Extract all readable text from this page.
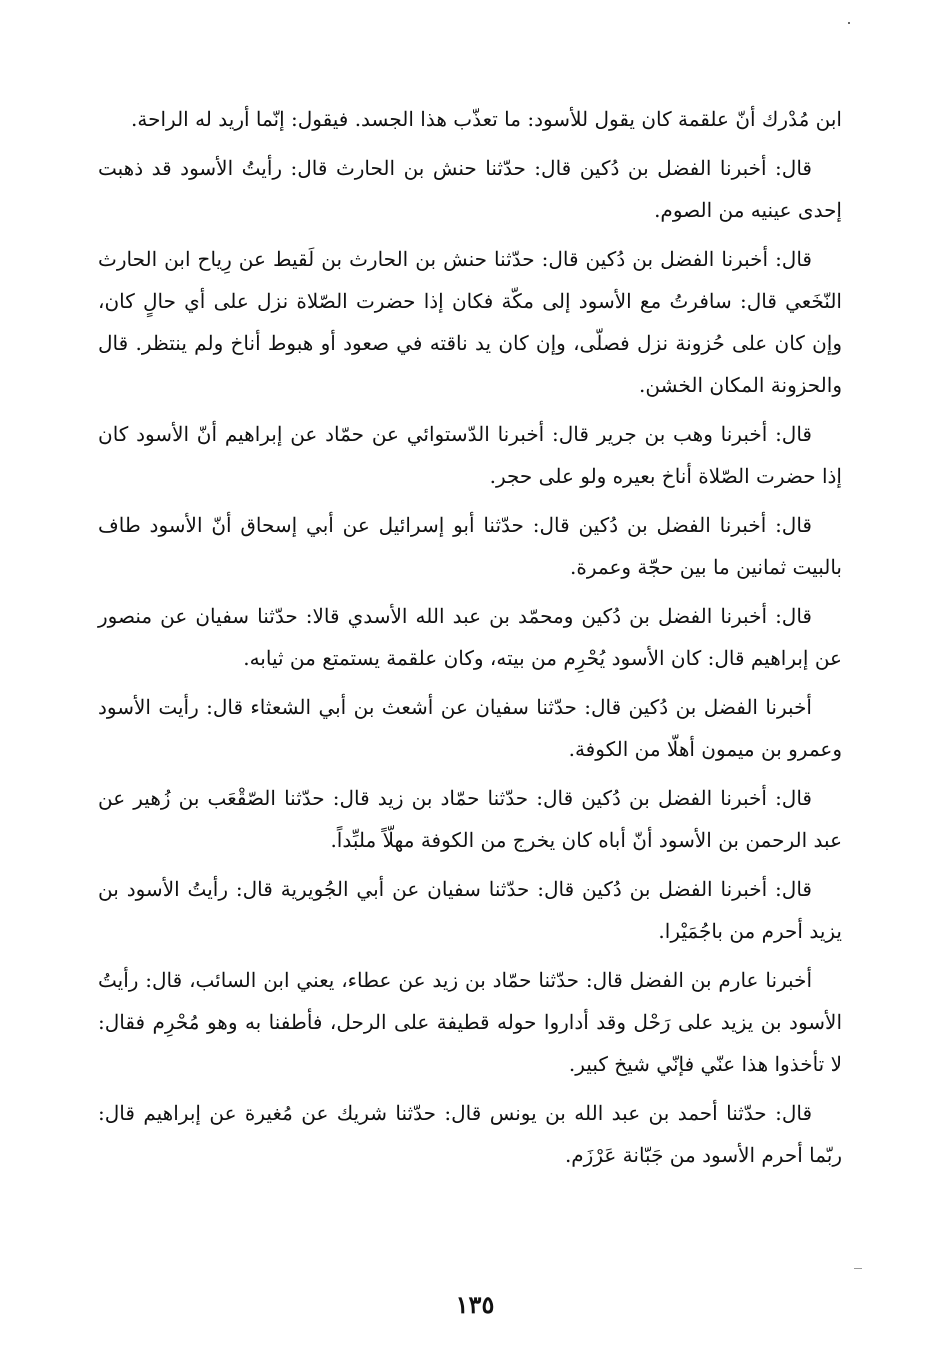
ابن مُدْرك أنّ علقمة كان يقول للأسود: ما تعذّب هذا الجسد. فيقول: إنّما أريد له الراحة.

قال: أخبرنا الفضل بن دُكين قال: حدّثنا حنش بن الحارث قال: رأيتُ الأسود قد ذهبت إحدى عينيه من الصوم.

قال: أخبرنا الفضل بن دُكين قال: حدّثنا حنش بن الحارث بن لَقيط عن رِياح ابن الحارث النّخَعي قال: سافرتُ مع الأسود إلى مكّة فكان إذا حضرت الصّلاة نزل على أي حالٍ كان، وإن كان على حُزونة نزل فصلّى، وإن كان يد ناقته في صعود أو هبوط أناخ ولم ينتظر. قال والحزونة المكان الخشن.

قال: أخبرنا وهب بن جرير قال: أخبرنا الدّستوائي عن حمّاد عن إبراهيم أنّ الأسود كان إذا حضرت الصّلاة أناخ بعيره ولو على حجر.

قال: أخبرنا الفضل بن دُكين قال: حدّثنا أبو إسرائيل عن أبي إسحاق أنّ الأسود طاف بالبيت ثمانين ما بين حجّة وعمرة.

قال: أخبرنا الفضل بن دُكين ومحمّد بن عبد الله الأسدي قالا: حدّثنا سفيان عن منصور عن إبراهيم قال: كان الأسود يُحْرِم من بيته، وكان علقمة يستمتع من ثيابه.

أخبرنا الفضل بن دُكين قال: حدّثنا سفيان عن أشعث بن أبي الشعثاء قال: رأيت الأسود وعمرو بن ميمون أهلّا من الكوفة.

قال: أخبرنا الفضل بن دُكين قال: حدّثنا حمّاد بن زيد قال: حدّثنا الصّقْعَب بن زُهير عن عبد الرحمن بن الأسود أنّ أباه كان يخرج من الكوفة مهلّاً ملبِّداً.

قال: أخبرنا الفضل بن دُكين قال: حدّثنا سفيان عن أبي الجُويرية قال: رأيتُ الأسود بن يزيد أحرم من باجُمَيْرا.

أخبرنا عارم بن الفضل قال: حدّثنا حمّاد بن زيد عن عطاء، يعني ابن السائب، قال: رأيتُ الأسود بن يزيد على رَحْل وقد أداروا حوله قطيفة على الرحل، فأطفنا به وهو مُحْرِم فقال: لا تأخذوا هذا عنّي فإنّي شيخ كبير.

قال: حدّثنا أحمد بن عبد الله بن يونس قال: حدّثنا شريك عن مُغيرة عن إبراهيم قال: ربّما أحرم الأسود من جَبّانة عَرْزَم.

١٣٥
